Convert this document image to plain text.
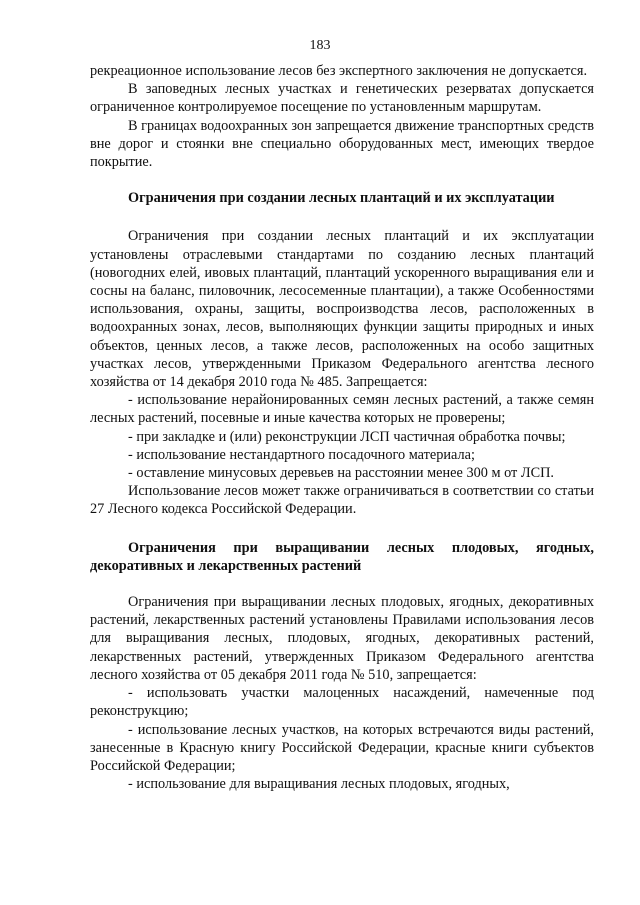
183

рекреационное использование лесов без экспертного заключения не допускается.

В заповедных лесных участках и генетических резерватах допускается ограниченное контролируемое посещение по установленным маршрутам.

В границах водоохранных зон запрещается движение транспортных средств вне дорог и стоянки вне специально оборудованных мест, имеющих твердое покрытие.

Ограничения при создании лесных плантаций и их эксплуатации

Ограничения при создании лесных плантаций и их эксплуатации установлены отраслевыми стандартами по созданию лесных плантаций (новогодних елей, ивовых плантаций, плантаций ускоренного выращивания ели и сосны на баланс, пиловочник, лесосеменные плантации), а также Особенностями использования, охраны, защиты, воспроизводства лесов, расположенных в водоохранных зонах, лесов, выполняющих функции защиты природных и иных объектов, ценных лесов, а также лесов, расположенных на особо защитных участках лесов, утвержденными Приказом Федерального агентства лесного хозяйства от 14 декабря 2010 года № 485. Запрещается:

- использование нерайонированных семян лесных растений, а также семян лесных растений, посевные и иные качества которых не проверены;

- при закладке и (или) реконструкции ЛСП частичная обработка почвы;

- использование нестандартного посадочного материала;

- оставление минусовых деревьев на расстоянии менее 300 м от ЛСП.

Использование лесов может также ограничиваться в соответствии со статьи 27 Лесного кодекса Российской Федерации.

Ограничения при выращивании лесных плодовых, ягодных, декоративных и лекарственных растений

Ограничения при выращивании лесных плодовых, ягодных, декоративных растений, лекарственных растений установлены Правилами использования лесов для выращивания лесных, плодовых, ягодных, декоративных растений, лекарственных растений, утвержденных Приказом Федерального агентства лесного хозяйства от 05 декабря 2011 года № 510, запрещается:

- использовать участки малоценных насаждений, намеченные под реконструкцию;

- использование лесных участков, на которых встречаются виды растений, занесенные в Красную книгу Российской Федерации, красные книги субъектов Российской Федерации;

- использование для выращивания лесных плодовых, ягодных,
